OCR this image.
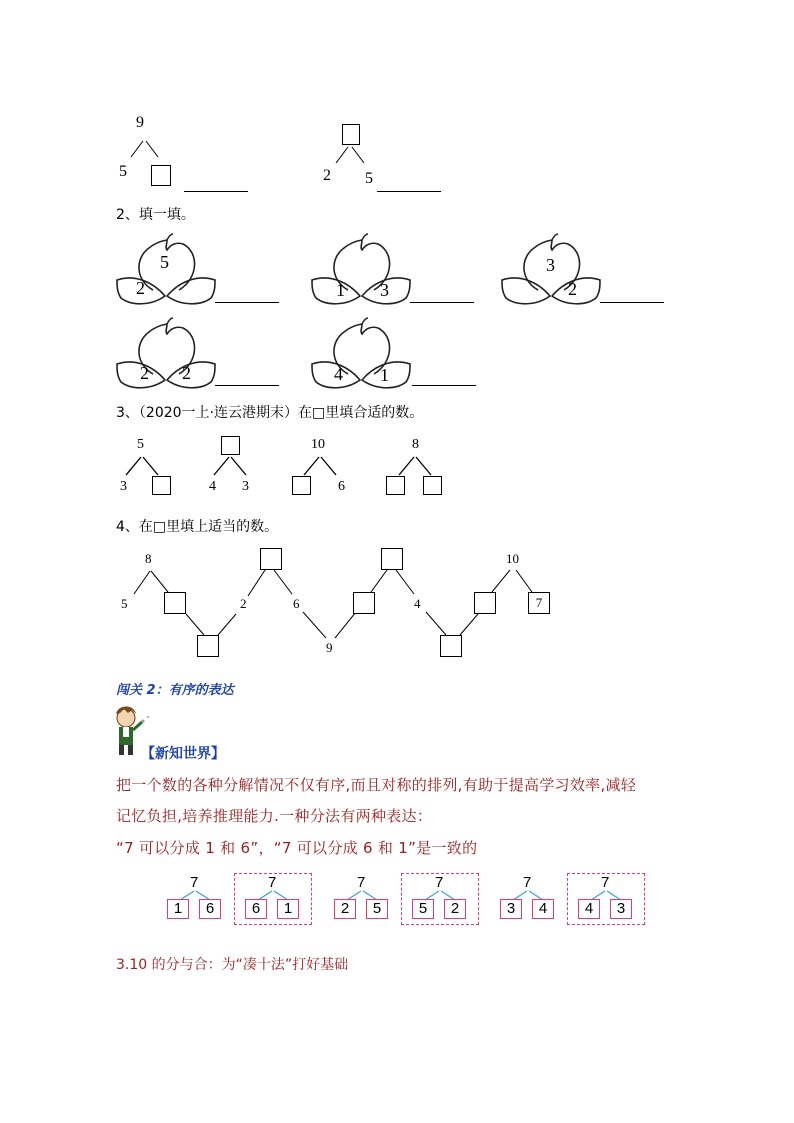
9
5	2 5
2、填一填。
5
2	1 3
3
2
2 2	4 1
3、（2020一上·连云港期末）在□里填合适的数。
5
3	4 3
10
6
8
4、在□里填上适当的数。
8
5	2	6
9
4
10
7
闯关 2：有序的表达
【新知世界】
把一个数的各种分解情况不仅有序,而且对称的排列,有助于提高学习效率,减轻
记忆负担,培养推理能力.一种分法有两种表达：
“7 可以分成 1 和 6”，“7 可以分成 6 和 1”是一致的
7
1	6
7
6	1
7
2	5
7
5	2
7
3	4
7
4	3
3.10 的分与合：为“凑十法”打好基础
